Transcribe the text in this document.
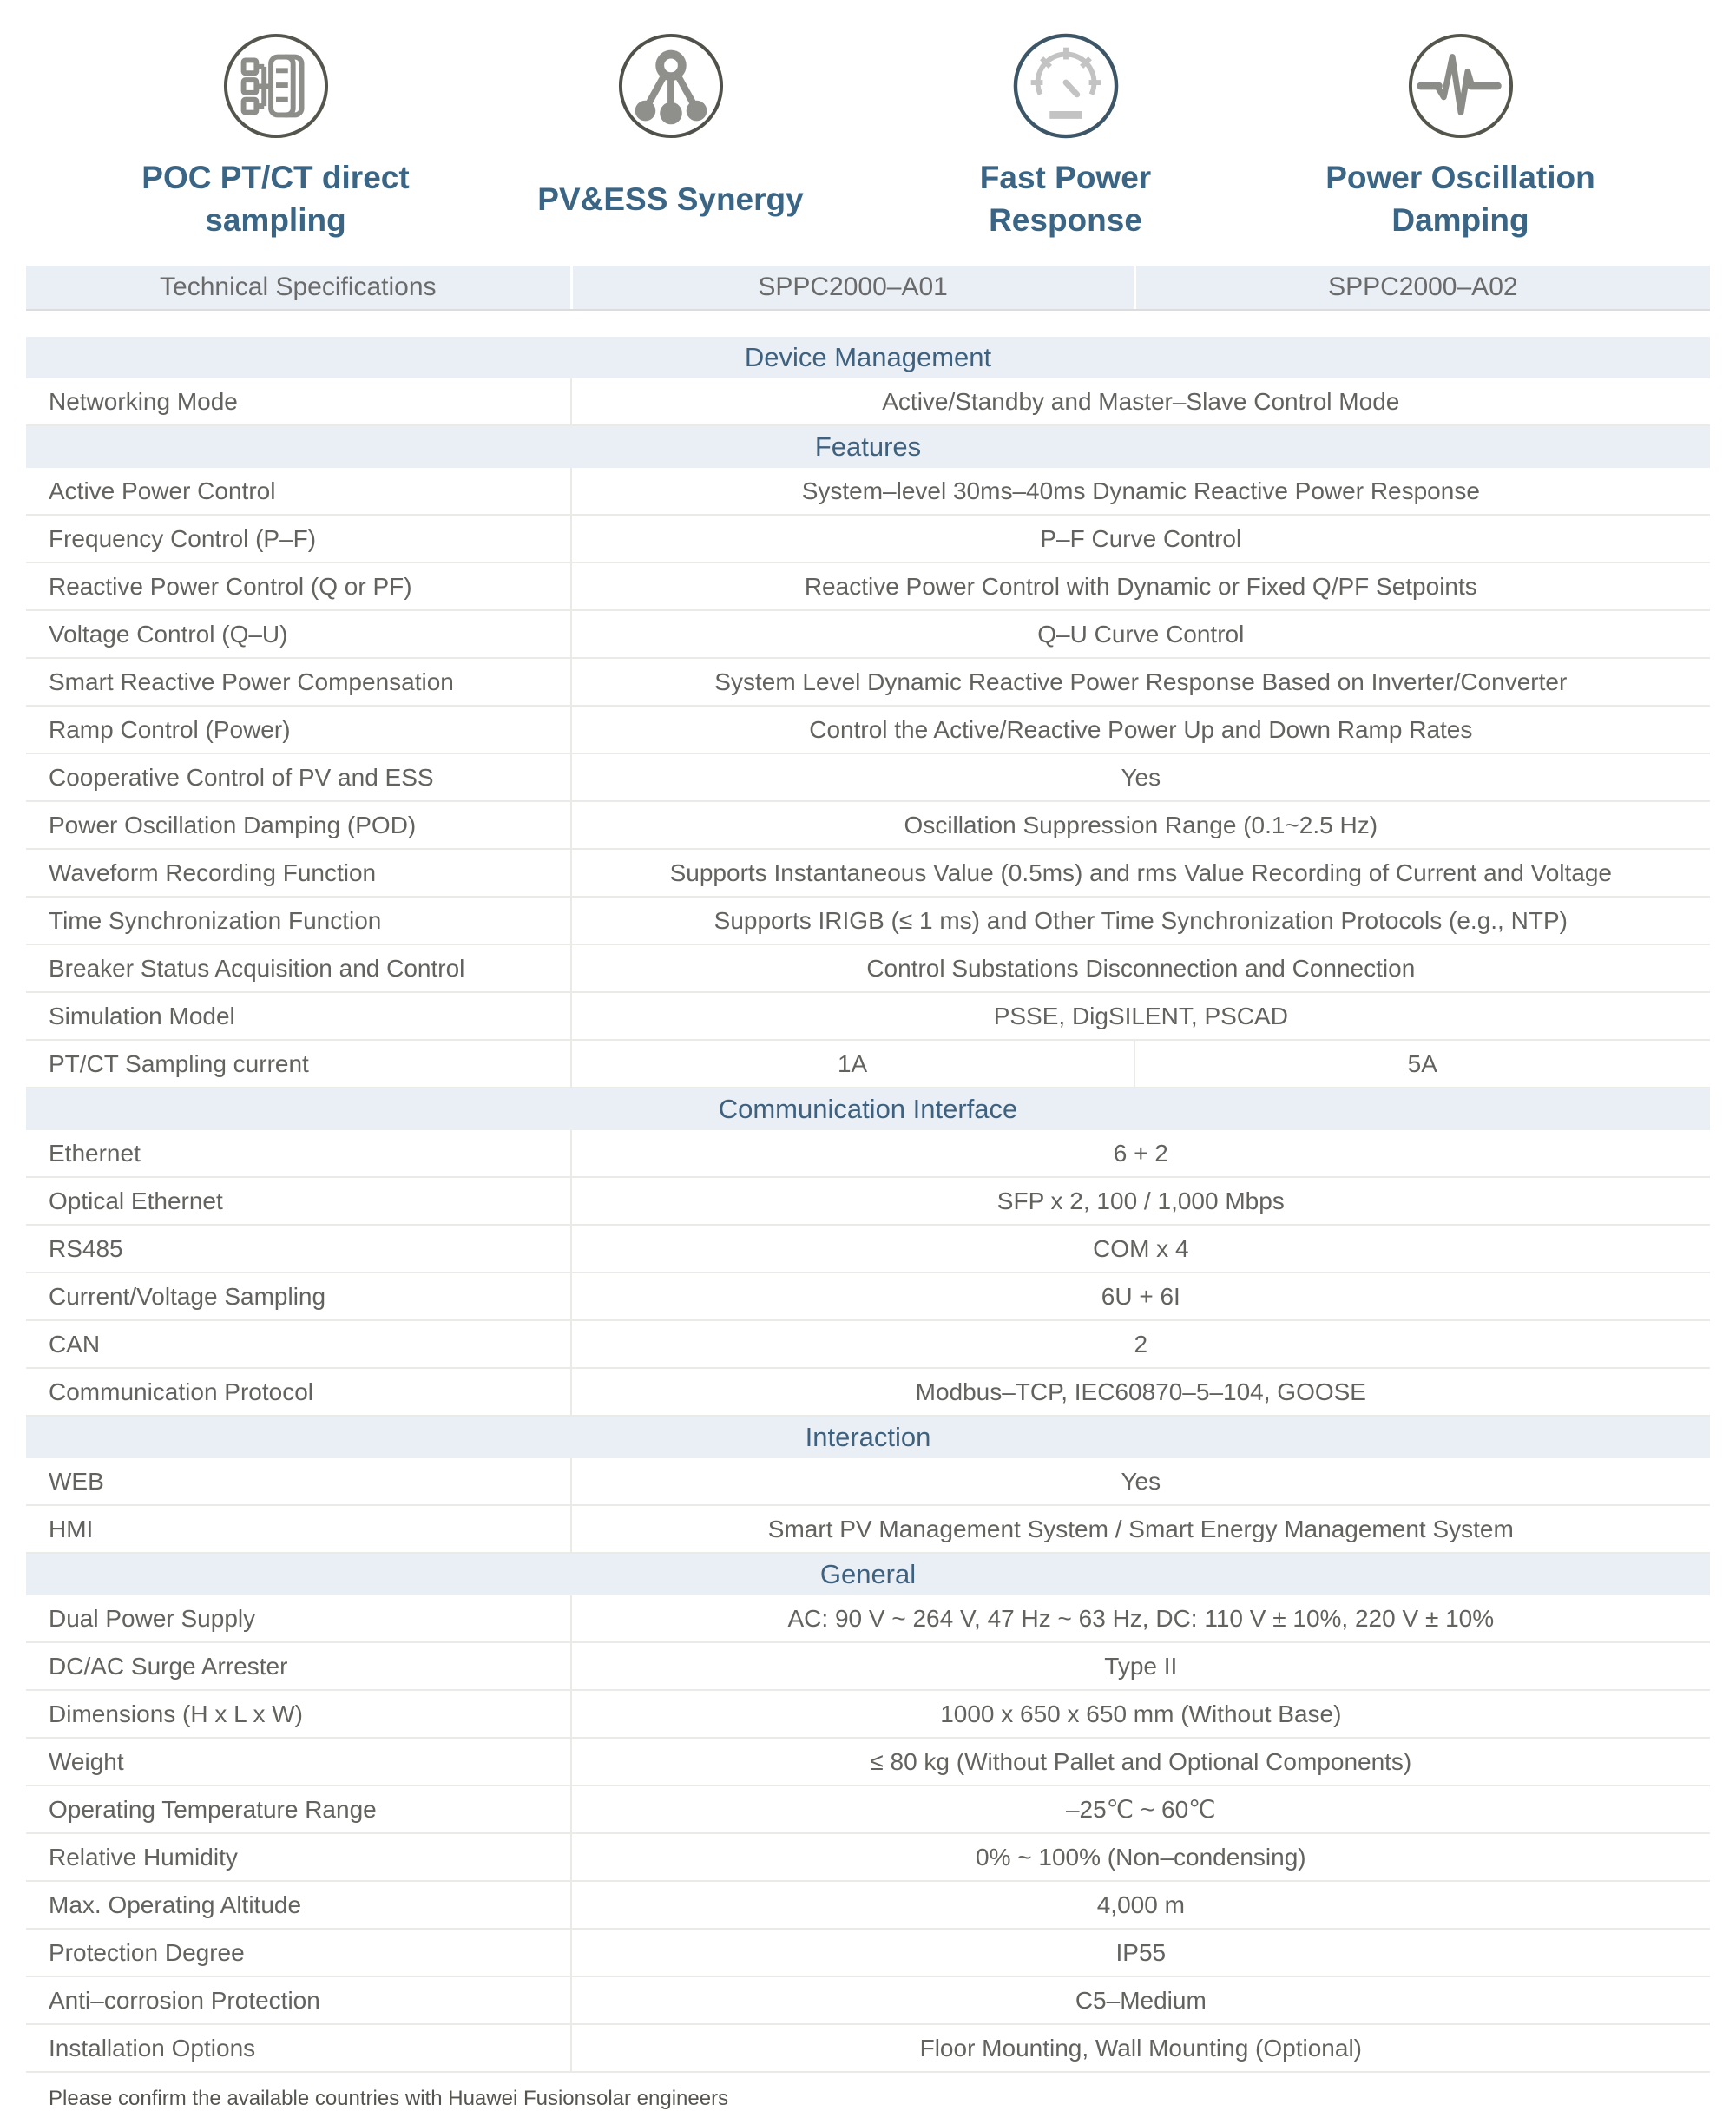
POC PT/CT direct sampling
PV&ESS Synergy
Fast Power Response
Power Oscillation Damping
Technical Specifications	SPPC2000–A01	SPPC2000–A02
Device Management
Networking Mode	Active/Standby and Master–Slave Control Mode
Features
Active Power Control	System–level 30ms–40ms Dynamic Reactive Power Response
Frequency Control (P–F)	P–F Curve Control
Reactive Power Control (Q or PF)	Reactive Power Control with Dynamic or Fixed Q/PF Setpoints
Voltage Control (Q–U)	Q–U Curve Control
Smart Reactive Power Compensation	System Level Dynamic Reactive Power Response Based on Inverter/Converter
Ramp Control (Power)	Control the Active/Reactive Power Up and Down Ramp Rates
Cooperative Control of PV and ESS	Yes
Power Oscillation Damping (POD)	Oscillation Suppression Range (0.1~2.5 Hz)
Waveform Recording Function	Supports Instantaneous Value (0.5ms) and rms Value Recording of Current and Voltage
Time Synchronization Function	Supports IRIGB (≤ 1 ms) and Other Time Synchronization Protocols (e.g., NTP)
Breaker Status Acquisition and Control	Control Substations Disconnection and Connection
Simulation Model	PSSE, DigSILENT, PSCAD
PT/CT Sampling current	1A	5A
Communication Interface
Ethernet	6 + 2
Optical Ethernet	SFP x 2, 100 / 1,000 Mbps
RS485	COM x 4
Current/Voltage Sampling	6U + 6I
CAN	2
Communication Protocol	Modbus–TCP, IEC60870–5–104, GOOSE
Interaction
WEB	Yes
HMI	Smart PV Management System / Smart Energy Management System
General
Dual Power Supply	AC: 90 V ~ 264 V, 47 Hz ~ 63 Hz, DC: 110 V ± 10%, 220 V ± 10%
DC/AC Surge Arrester	Type II
Dimensions (H x L x W)	1000 x 650 x 650 mm (Without Base)
Weight	≤ 80 kg (Without Pallet and Optional Components)
Operating Temperature Range	–25℃ ~ 60℃
Relative Humidity	0% ~ 100% (Non–condensing)
Max. Operating Altitude	4,000 m
Protection Degree	IP55
Anti–corrosion Protection	C5–Medium
Installation Options	Floor Mounting, Wall Mounting (Optional)
Please confirm the available countries with Huawei Fusionsolar engineers
